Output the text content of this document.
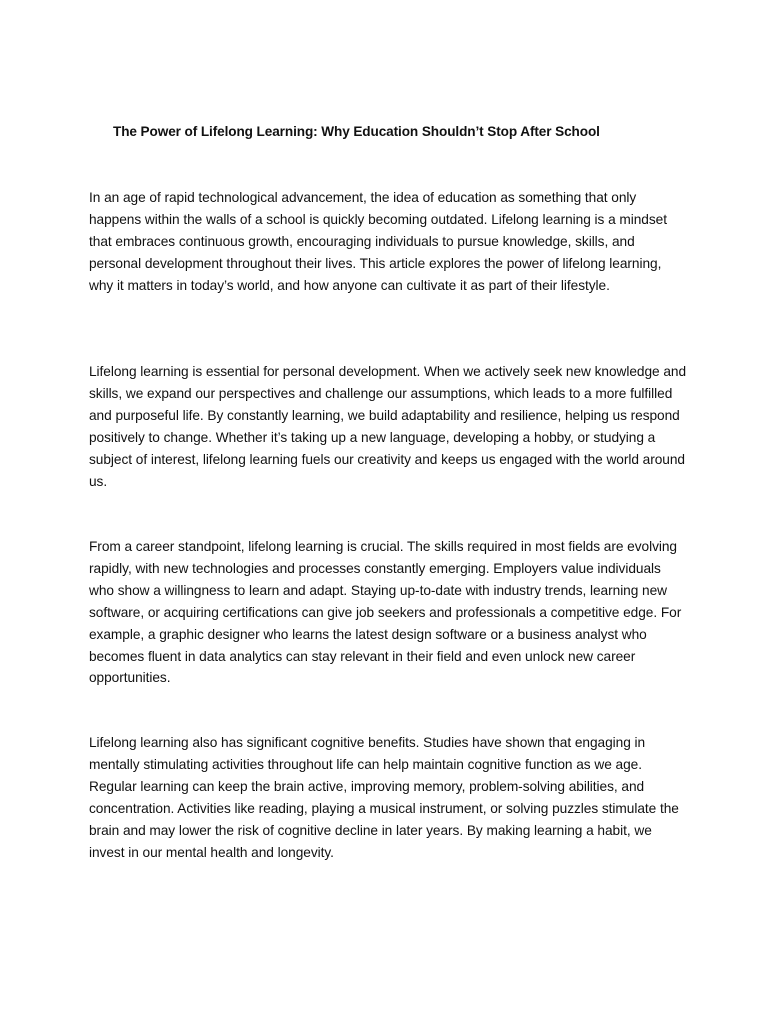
The Power of Lifelong Learning: Why Education Shouldn’t Stop After School

In an age of rapid technological advancement, the idea of education as something that only happens within the walls of a school is quickly becoming outdated. Lifelong learning is a mindset that embraces continuous growth, encouraging individuals to pursue knowledge, skills, and personal development throughout their lives. This article explores the power of lifelong learning, why it matters in today’s world, and how anyone can cultivate it as part of their lifestyle.

Lifelong learning is essential for personal development. When we actively seek new knowledge and skills, we expand our perspectives and challenge our assumptions, which leads to a more fulfilled and purposeful life. By constantly learning, we build adaptability and resilience, helping us respond positively to change. Whether it’s taking up a new language, developing a hobby, or studying a subject of interest, lifelong learning fuels our creativity and keeps us engaged with the world around us.

From a career standpoint, lifelong learning is crucial. The skills required in most fields are evolving rapidly, with new technologies and processes constantly emerging. Employers value individuals who show a willingness to learn and adapt. Staying up-to-date with industry trends, learning new software, or acquiring certifications can give job seekers and professionals a competitive edge. For example, a graphic designer who learns the latest design software or a business analyst who becomes fluent in data analytics can stay relevant in their field and even unlock new career opportunities.

Lifelong learning also has significant cognitive benefits. Studies have shown that engaging in mentally stimulating activities throughout life can help maintain cognitive function as we age. Regular learning can keep the brain active, improving memory, problem-solving abilities, and concentration. Activities like reading, playing a musical instrument, or solving puzzles stimulate the brain and may lower the risk of cognitive decline in later years. By making learning a habit, we invest in our mental health and longevity.
